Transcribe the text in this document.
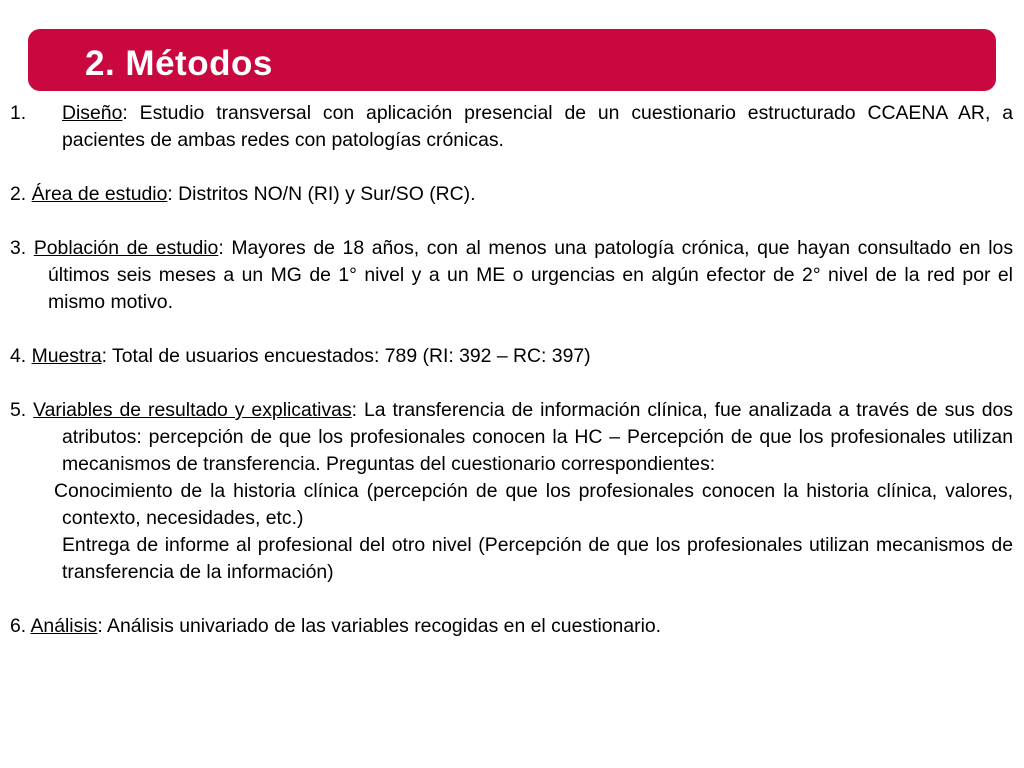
2. Métodos

1. Diseño: Estudio transversal con aplicación presencial de un cuestionario estructurado CCAENA AR, a pacientes de ambas redes con patologías crónicas.

2. Área de estudio: Distritos NO/N (RI) y Sur/SO (RC).

3. Población de estudio: Mayores de 18 años, con al menos una patología crónica, que hayan consultado en los últimos seis meses a un MG de 1° nivel y a un ME o urgencias en algún efector de 2° nivel de la red por el mismo motivo.

4. Muestra: Total de usuarios encuestados: 789 (RI: 392 – RC: 397)

5. Variables de resultado y explicativas: La transferencia de información clínica, fue analizada a través de sus dos atributos: percepción de que los profesionales conocen la HC – Percepción de que los profesionales utilizan mecanismos de transferencia. Preguntas del cuestionario correspondientes:

Conocimiento de la historia clínica (percepción de que los profesionales conocen la historia clínica, valores, contexto, necesidades, etc.)

Entrega de informe al profesional del otro nivel (Percepción de que los profesionales utilizan mecanismos de transferencia de la información)

6. Análisis: Análisis univariado de las variables recogidas en el cuestionario.
